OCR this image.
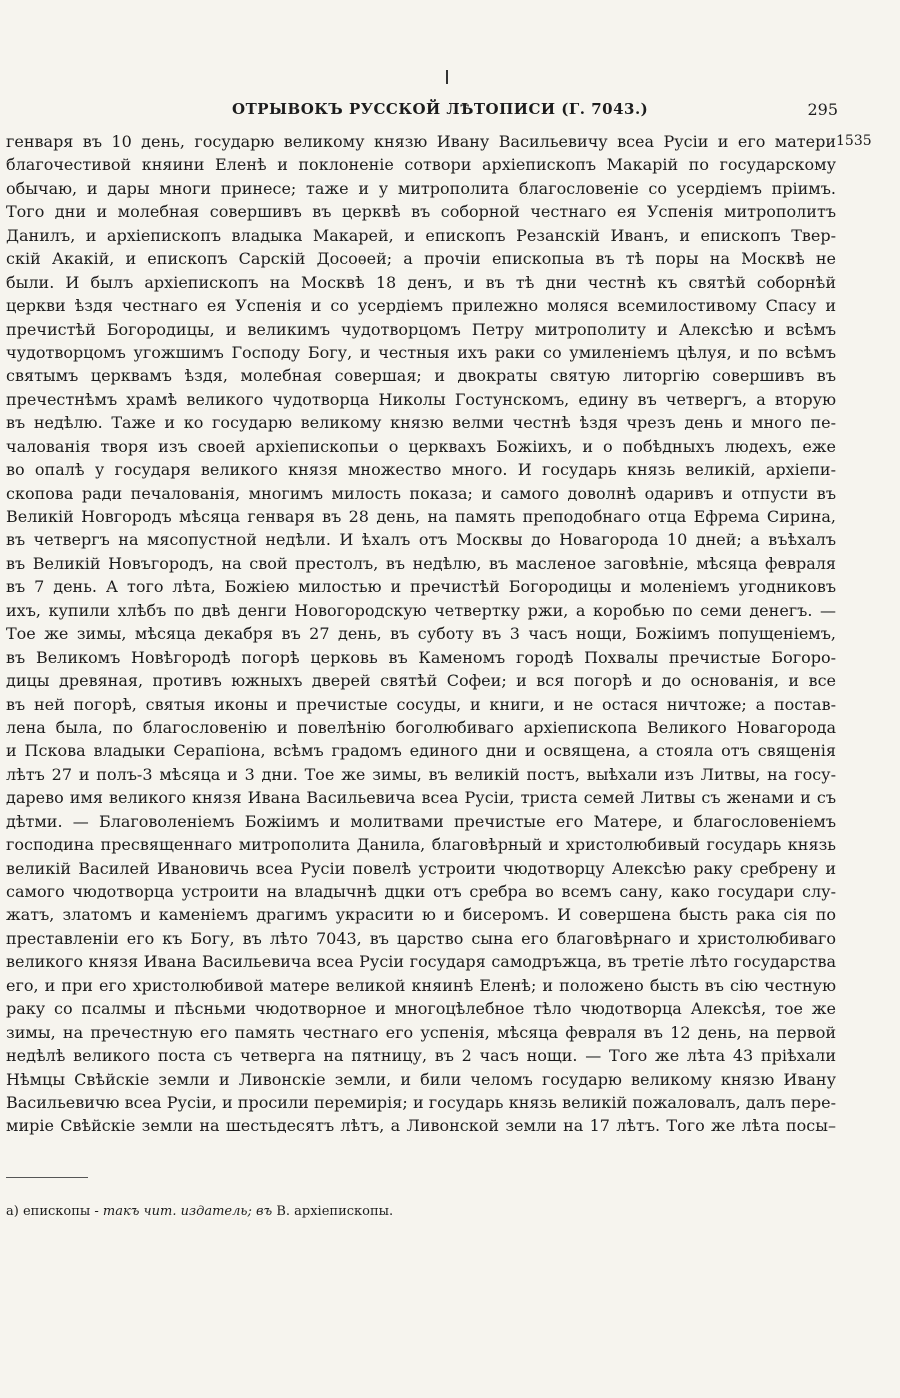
ОТРЫВОКЪ РУССКОЙ ЛѢТОПИСИ (Г. 7043.)	295
1535
генваря въ 10 день, государю великому князю Ивану Васильевичу всеа Русіи и его матери
благочестивой княини Еленѣ и поклоненіе сотвори архіепископъ Макарій по государскому
обычаю, и дары многи принесе; таже и у митрополита благословеніе со усердіемъ пріимъ.
Того дни и молебная совершивъ въ церквѣ въ соборной честнаго ея Успенія митрополитъ
Данилъ, и архіепископъ владыка Макарей, и епископъ Резанскій Иванъ, и епископъ Твер-
скій Акакій, и епископъ Сарскій Досоѳей; а прочіи епископыа въ тѣ поры на Москвѣ не
были. И былъ архіепископъ на Москвѣ 18 денъ, и въ тѣ дни честнѣ къ святѣй соборнѣй
церкви ѣздя честнаго ея Успенія и со усердіемъ прилежно моляся всемилостивому Спасу и
пречистѣй Богородицы, и великимъ чудотворцомъ Петру митрополиту и Алексѣю и всѣмъ
чудотворцомъ угожшимъ Господу Богу, и честныя ихъ раки со умиленіемъ цѣлуя, и по всѣмъ
святымъ церквамъ ѣздя, молебная совершая; и двократы святую литоргію совершивъ въ
пречестнѣмъ храмѣ великого чудотворца Николы Гостунскомъ, едину въ четвергъ, а вторую
въ недѣлю. Таже и ко государю великому князю велми честнѣ ѣздя чрезъ день и много пе-
чалованія творя изъ своей архіепископьи о церквахъ Божіихъ, и о побѣдныхъ людехъ, еже
во опалѣ у государя великого князя множество много. И государь князь великій, архіепи-
скопова ради печалованія, многимъ милость показа; и самого доволнѣ одаривъ и отпусти въ
Великій Новгородъ мѣсяца генваря въ 28 день, на память преподобнаго отца Ефрема Сирина,
въ четвергъ на мясопустной недѣли. И ѣхалъ отъ Москвы до Новагорода 10 дней; а въѣхалъ
въ Великій Новъгородъ, на свой престолъ, въ недѣлю, въ масленое заговѣніе, мѣсяца февраля
въ 7 день. А того лѣта, Божіею милостью и пречистѣй Богородицы и моленіемъ угодниковъ
ихъ, купили хлѣбъ по двѣ денги Новогородскую четвертку ржи, а коробью по семи денегъ. —
Тое же зимы, мѣсяца декабря въ 27 день, въ суботу въ 3 часъ нощи, Божіимъ попущеніемъ,
въ Великомъ Новѣгородѣ погорѣ церковь въ Каменомъ городѣ Похвалы пречистые Богоро-
дицы древяная, противъ южныхъ дверей святѣй Софеи; и вся погорѣ и до основанія, и все
въ ней погорѣ, святыя иконы и пречистые сосуды, и книги, и не остася ничтоже; а постав-
лена была, по благословенію и повелѣнію боголюбиваго архіепископа Великого Новагорода
и Пскова владыки Серапіона, всѣмъ градомъ единого дни и освящена, а стояла отъ священія
лѣтъ 27 и полъ-3 мѣсяца и 3 дни. Тое же зимы, въ великій постъ, выѣхали изъ Литвы, на госу-
дарево имя великого князя Ивана Васильевича всеа Русіи, триста семей Литвы съ женами и съ
дѣтми. — Благоволеніемъ Божіимъ и молитвами пречистые его Матере, и благословеніемъ
господина пресвященнаго митрополита Данила, благовѣрный и христолюбивый государь князь
великій Василей Ивановичь всеа Русіи повелѣ устроити чюдотворцу Алексѣю раку сребрену и
самого чюдотворца устроити на владычнѣ дцки отъ сребра во всемъ сану, како государи слу-
жатъ, златомъ и каменіемъ драгимъ украсити ю и бисеромъ. И совершена бысть рака сія по
преставленіи его къ Богу, въ лѣто 7043, въ царство сына его благовѣрнаго и христолюбиваго
великого князя Ивана Васильевича всеа Русіи государя самодръжца, въ третіе лѣто государства
его, и при его христолюбивой матере великой княинѣ Еленѣ; и положено бысть въ сію честную
раку со псалмы и пѣсньми чюдотворное и многоцѣлебное тѣло чюдотворца Алексѣя, тое же
зимы, на пречестную его память честнаго его успенія, мѣсяца февраля въ 12 день, на первой
недѣлѣ великого поста съ четверга на пятницу, въ 2 часъ нощи. — Того же лѣта 43 пріѣхали
Нѣмцы Свѣйскіе земли и Ливонскіе земли, и били челомъ государю великому князю Ивану
Васильевичю всеа Русіи, и просили перемирія; и государь князь великій пожаловалъ, далъ пере-
миріе Свѣйскіе земли на шестьдесятъ лѣтъ, а Ливонской земли на 17 лѣтъ. Того же лѣта посы–
а) епископы - такъ чит. издатель; въ В. архіепископы.
